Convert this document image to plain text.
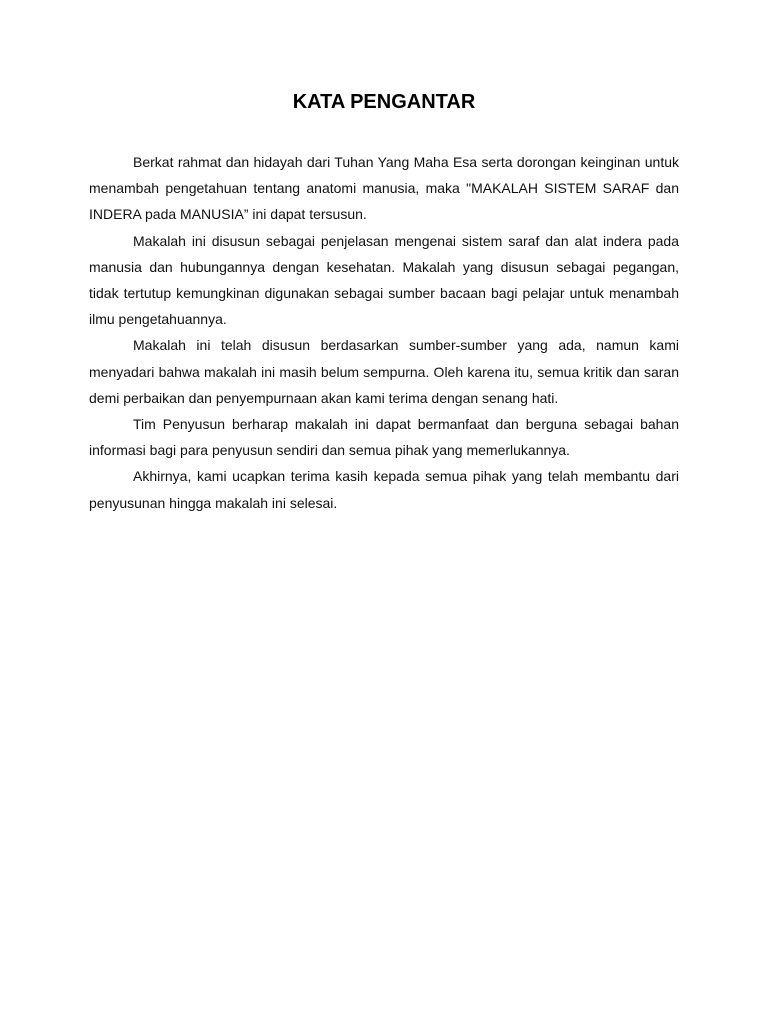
KATA PENGANTAR

Berkat rahmat dan hidayah dari Tuhan Yang Maha Esa serta dorongan keinginan untuk menambah pengetahuan tentang anatomi manusia, maka "MAKALAH SISTEM SARAF dan INDERA pada MANUSIA” ini dapat tersusun.

Makalah ini disusun sebagai penjelasan mengenai sistem saraf dan alat indera pada manusia dan hubungannya dengan kesehatan. Makalah yang disusun sebagai pegangan, tidak tertutup kemungkinan digunakan sebagai sumber bacaan bagi pelajar untuk menambah ilmu pengetahuannya.

Makalah ini telah disusun berdasarkan sumber-sumber yang ada, namun kami menyadari bahwa makalah ini masih belum sempurna. Oleh karena itu, semua kritik dan saran demi perbaikan dan penyempurnaan akan kami terima dengan senang hati.

Tim Penyusun berharap makalah ini dapat bermanfaat dan berguna sebagai bahan informasi bagi para penyusun sendiri dan semua pihak yang memerlukannya.

Akhirnya, kami ucapkan terima kasih kepada semua pihak yang telah membantu dari penyusunan hingga makalah ini selesai.
